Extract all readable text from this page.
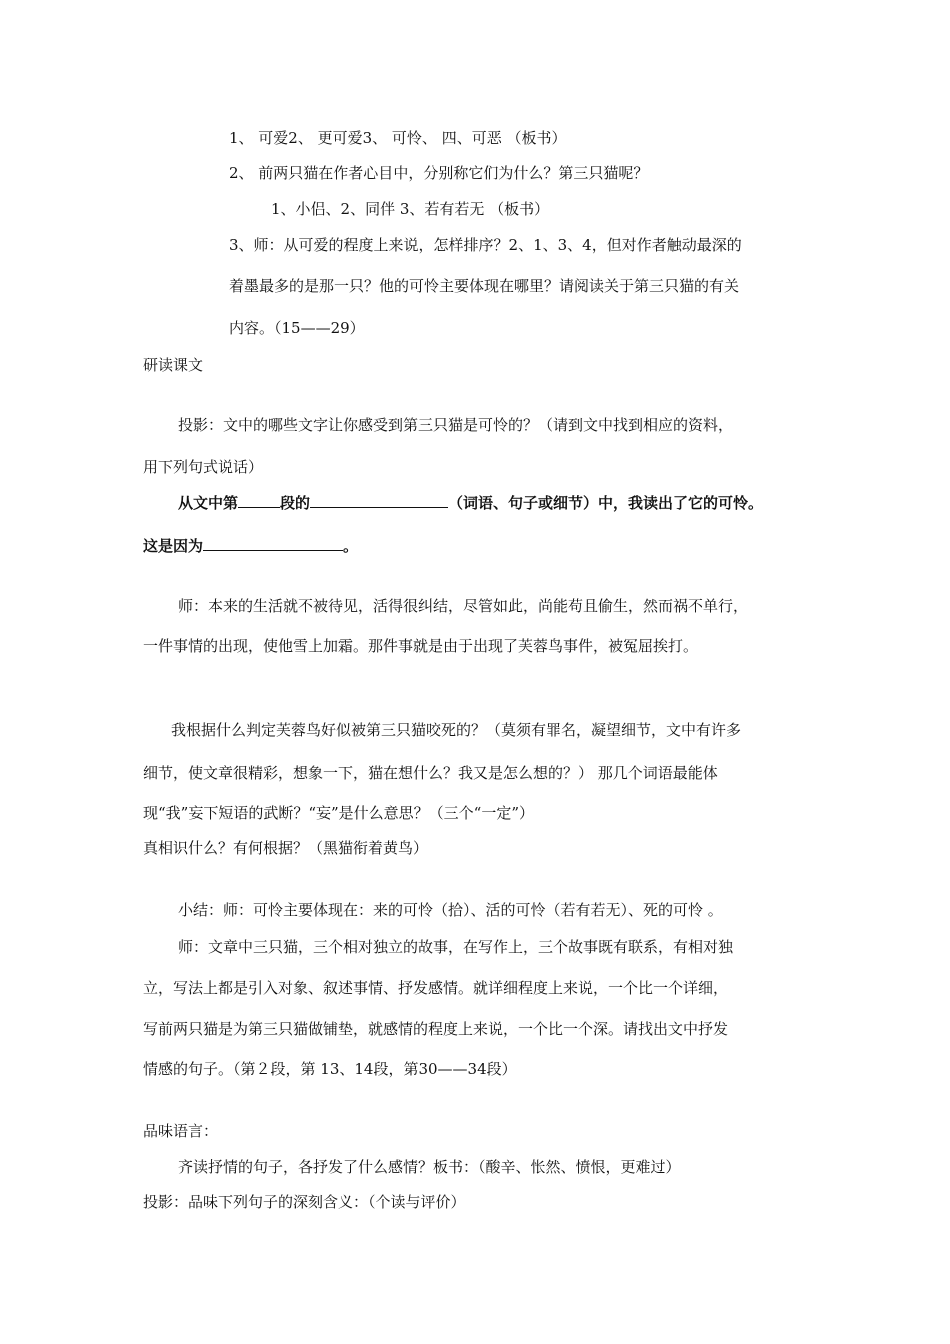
1、 可爱2、 更可爱3、 可怜、 四、可恶 （板书）
2、 前两只猫在作者心目中，分别称它们为什么？第三只猫呢？
1、小侣、2、同伴 3、若有若无 （板书）
3、师：从可爱的程度上来说，怎样排序？2、1、3、4，但对作者触动最深的
着墨最多的是那一只？他的可怜主要体现在哪里？请阅读关于第三只猫的有关
内容。（15——29）
研读课文
投影：文中的哪些文字让你感受到第三只猫是可怜的？（请到文中找到相应的资料，
用下列句式说话）
从文中第	段的	（词语、句子或细节）中，我读出了它的可怜。
这是因为	。
师：本来的生活就不被待见，活得很纠结，尽管如此，尚能苟且偷生，然而祸不单行，
一件事情的出现，使他雪上加霜。那件事就是由于出现了芙蓉鸟事件，被冤屈挨打。
我根据什么判定芙蓉鸟好似被第三只猫咬死的？（莫须有罪名，凝望细节，文中有许多
细节，使文章很精彩，想象一下，猫在想什么？我又是怎么想的？） 那几个词语最能体
现“我”妄下短语的武断？“妄”是什么意思？（三个“一定”）
真相识什么？有何根据？（黑猫衔着黄鸟）
小结：师：可怜主要体现在：来的可怜（拾）、活的可怜（若有若无）、死的可怜 。
师：文章中三只猫，三个相对独立的故事，在写作上，三个故事既有联系，有相对独
立，写法上都是引入对象、叙述事情、抒发感情。就详细程度上来说，一个比一个详细，
写前两只猫是为第三只猫做铺垫，就感情的程度上来说，一个比一个深。请找出文中抒发
情感的句子。（第２段，第 13、14段，第30——34段）
品味语言：
齐读抒情的句子，各抒发了什么感情？板书：（酸辛、怅然、愤恨，更难过）
投影：品味下列句子的深刻含义：（个读与评价）
